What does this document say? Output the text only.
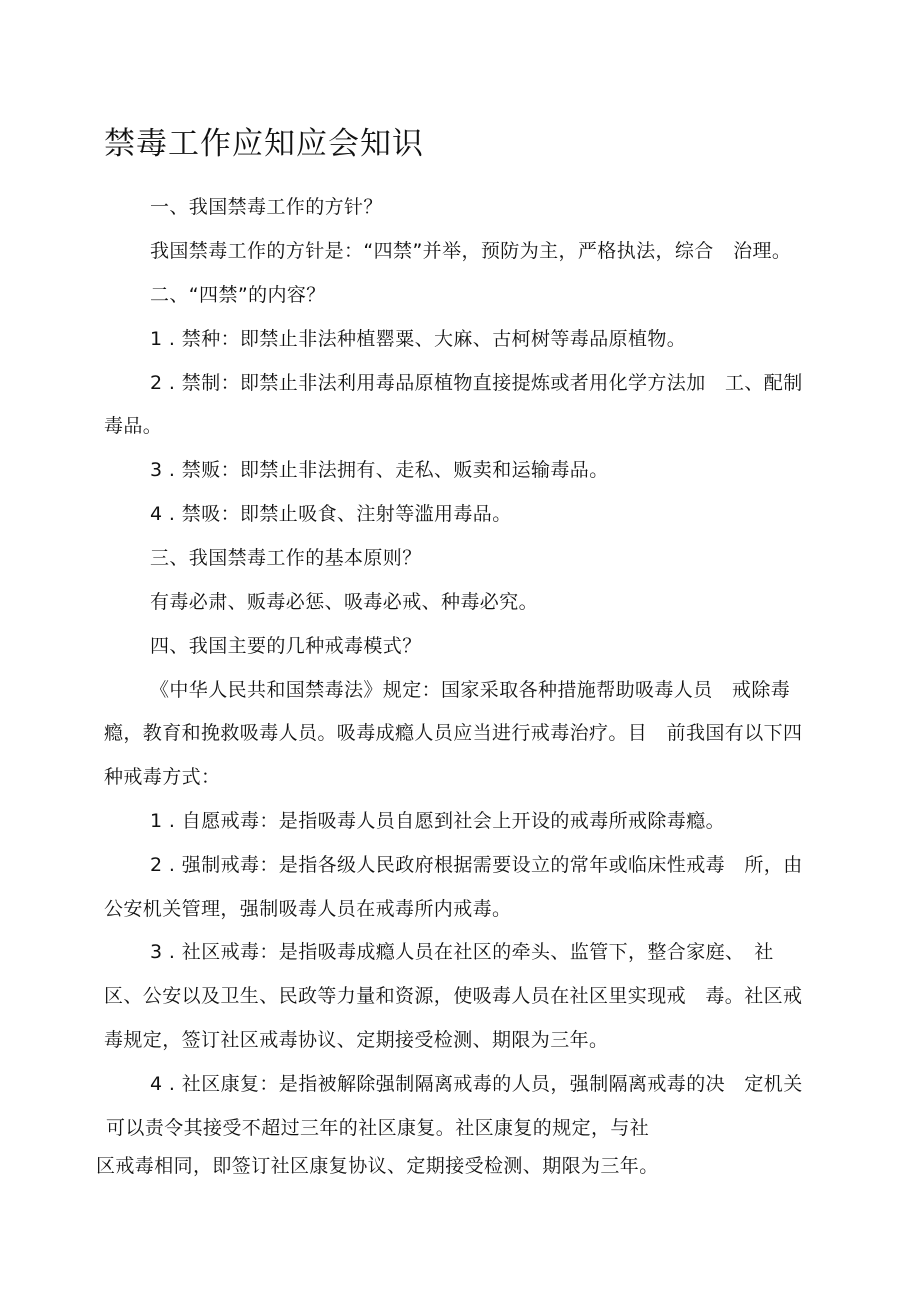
禁毒工作应知应会知识
一、我国禁毒工作的方针？
我国禁毒工作的方针是：“四禁”并举，预防为主，严格执法，综合　治理。
二、“四禁”的内容？
1 . 禁种：即禁止非法种植罂粟、大麻、古柯树等毒品原植物。
2 . 禁制：即禁止非法利用毒品原植物直接提炼或者用化学方法加　工、配制
毒品。
3 . 禁贩：即禁止非法拥有、走私、贩卖和运输毒品。
4 . 禁吸：即禁止吸食、注射等滥用毒品。
三、我国禁毒工作的基本原则？
有毒必肃、贩毒必惩、吸毒必戒、种毒必究。
四、我国主要的几种戒毒模式？
《中华人民共和国禁毒法》规定：国家采取各种措施帮助吸毒人员　戒除毒
瘾，教育和挽救吸毒人员。吸毒成瘾人员应当进行戒毒治疗。目　前我国有以下四
种戒毒方式：
1 . 自愿戒毒：是指吸毒人员自愿到社会上开设的戒毒所戒除毒瘾。
2 . 强制戒毒：是指各级人民政府根据需要设立的常年或临床性戒毒　所，由
公安机关管理，强制吸毒人员在戒毒所内戒毒。
3 . 社区戒毒：是指吸毒成瘾人员在社区的牵头、监管下，整合家庭、　社
区、公安以及卫生、民政等力量和资源，使吸毒人员在社区里实现戒　毒。社区戒
毒规定，签订社区戒毒协议、定期接受检测、期限为三年。
4 . 社区康复：是指被解除强制隔离戒毒的人员，强制隔离戒毒的决　定机关
可以责令其接受不超过三年的社区康复。社区康复的规定，与社
区戒毒相同，即签订社区康复协议、定期接受检测、期限为三年。
